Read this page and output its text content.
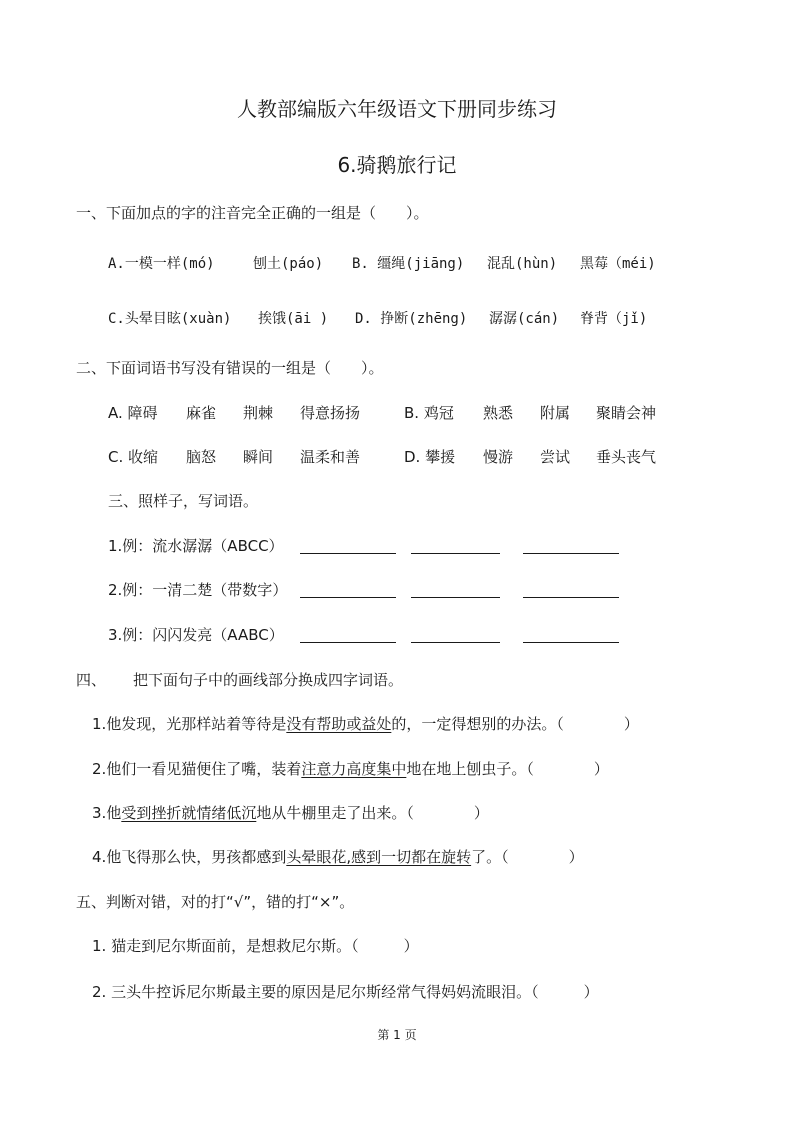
人教部编版六年级语文下册同步练习
6.骑鹅旅行记
一、下面加点的字的注音完全正确的一组是（　　）。
A.一模一样(mó)	刨土(páo) B. 缰绳(jiāng) 混乱(hùn) 黑莓（méi)
C.头晕目眩(xuàn) 挨饿(āi ) D. 挣断(zhēng) 潺潺(cán) 脊背（jǐ)
二、下面词语书写没有错误的一组是（　　）。
A. 障碍 麻雀 荆棘 得意扬扬	B. 鸡冠 熟悉 附属 聚睛会神
C. 收缩 脑怒 瞬间 温柔和善	D. 攀援 慢游 尝试 垂头丧气
三、照样子，写词语。
1.例：流水潺潺（ABCC）
2.例：一清二楚（带数字）
3.例：闪闪发亮（AABC）
四、 把下面句子中的画线部分换成四字词语。
1.他发现，光那样站着等待是没有帮助或益处的，一定得想别的办法。（　　　　）
2.他们一看见猫便住了嘴，装着注意力高度集中地在地上刨虫子。（　　　　）
3.他受到挫折就情绪低沉地从牛棚里走了出来。（　　　　）
4.他飞得那么快，男孩都感到头晕眼花,感到一切都在旋转了。（　　　　）
五、判断对错，对的打“√”，错的打“×”。
1. 猫走到尼尔斯面前，是想救尼尔斯。（　　　）
2. 三头牛控诉尼尔斯最主要的原因是尼尔斯经常气得妈妈流眼泪。（　　　）
第 1 页
